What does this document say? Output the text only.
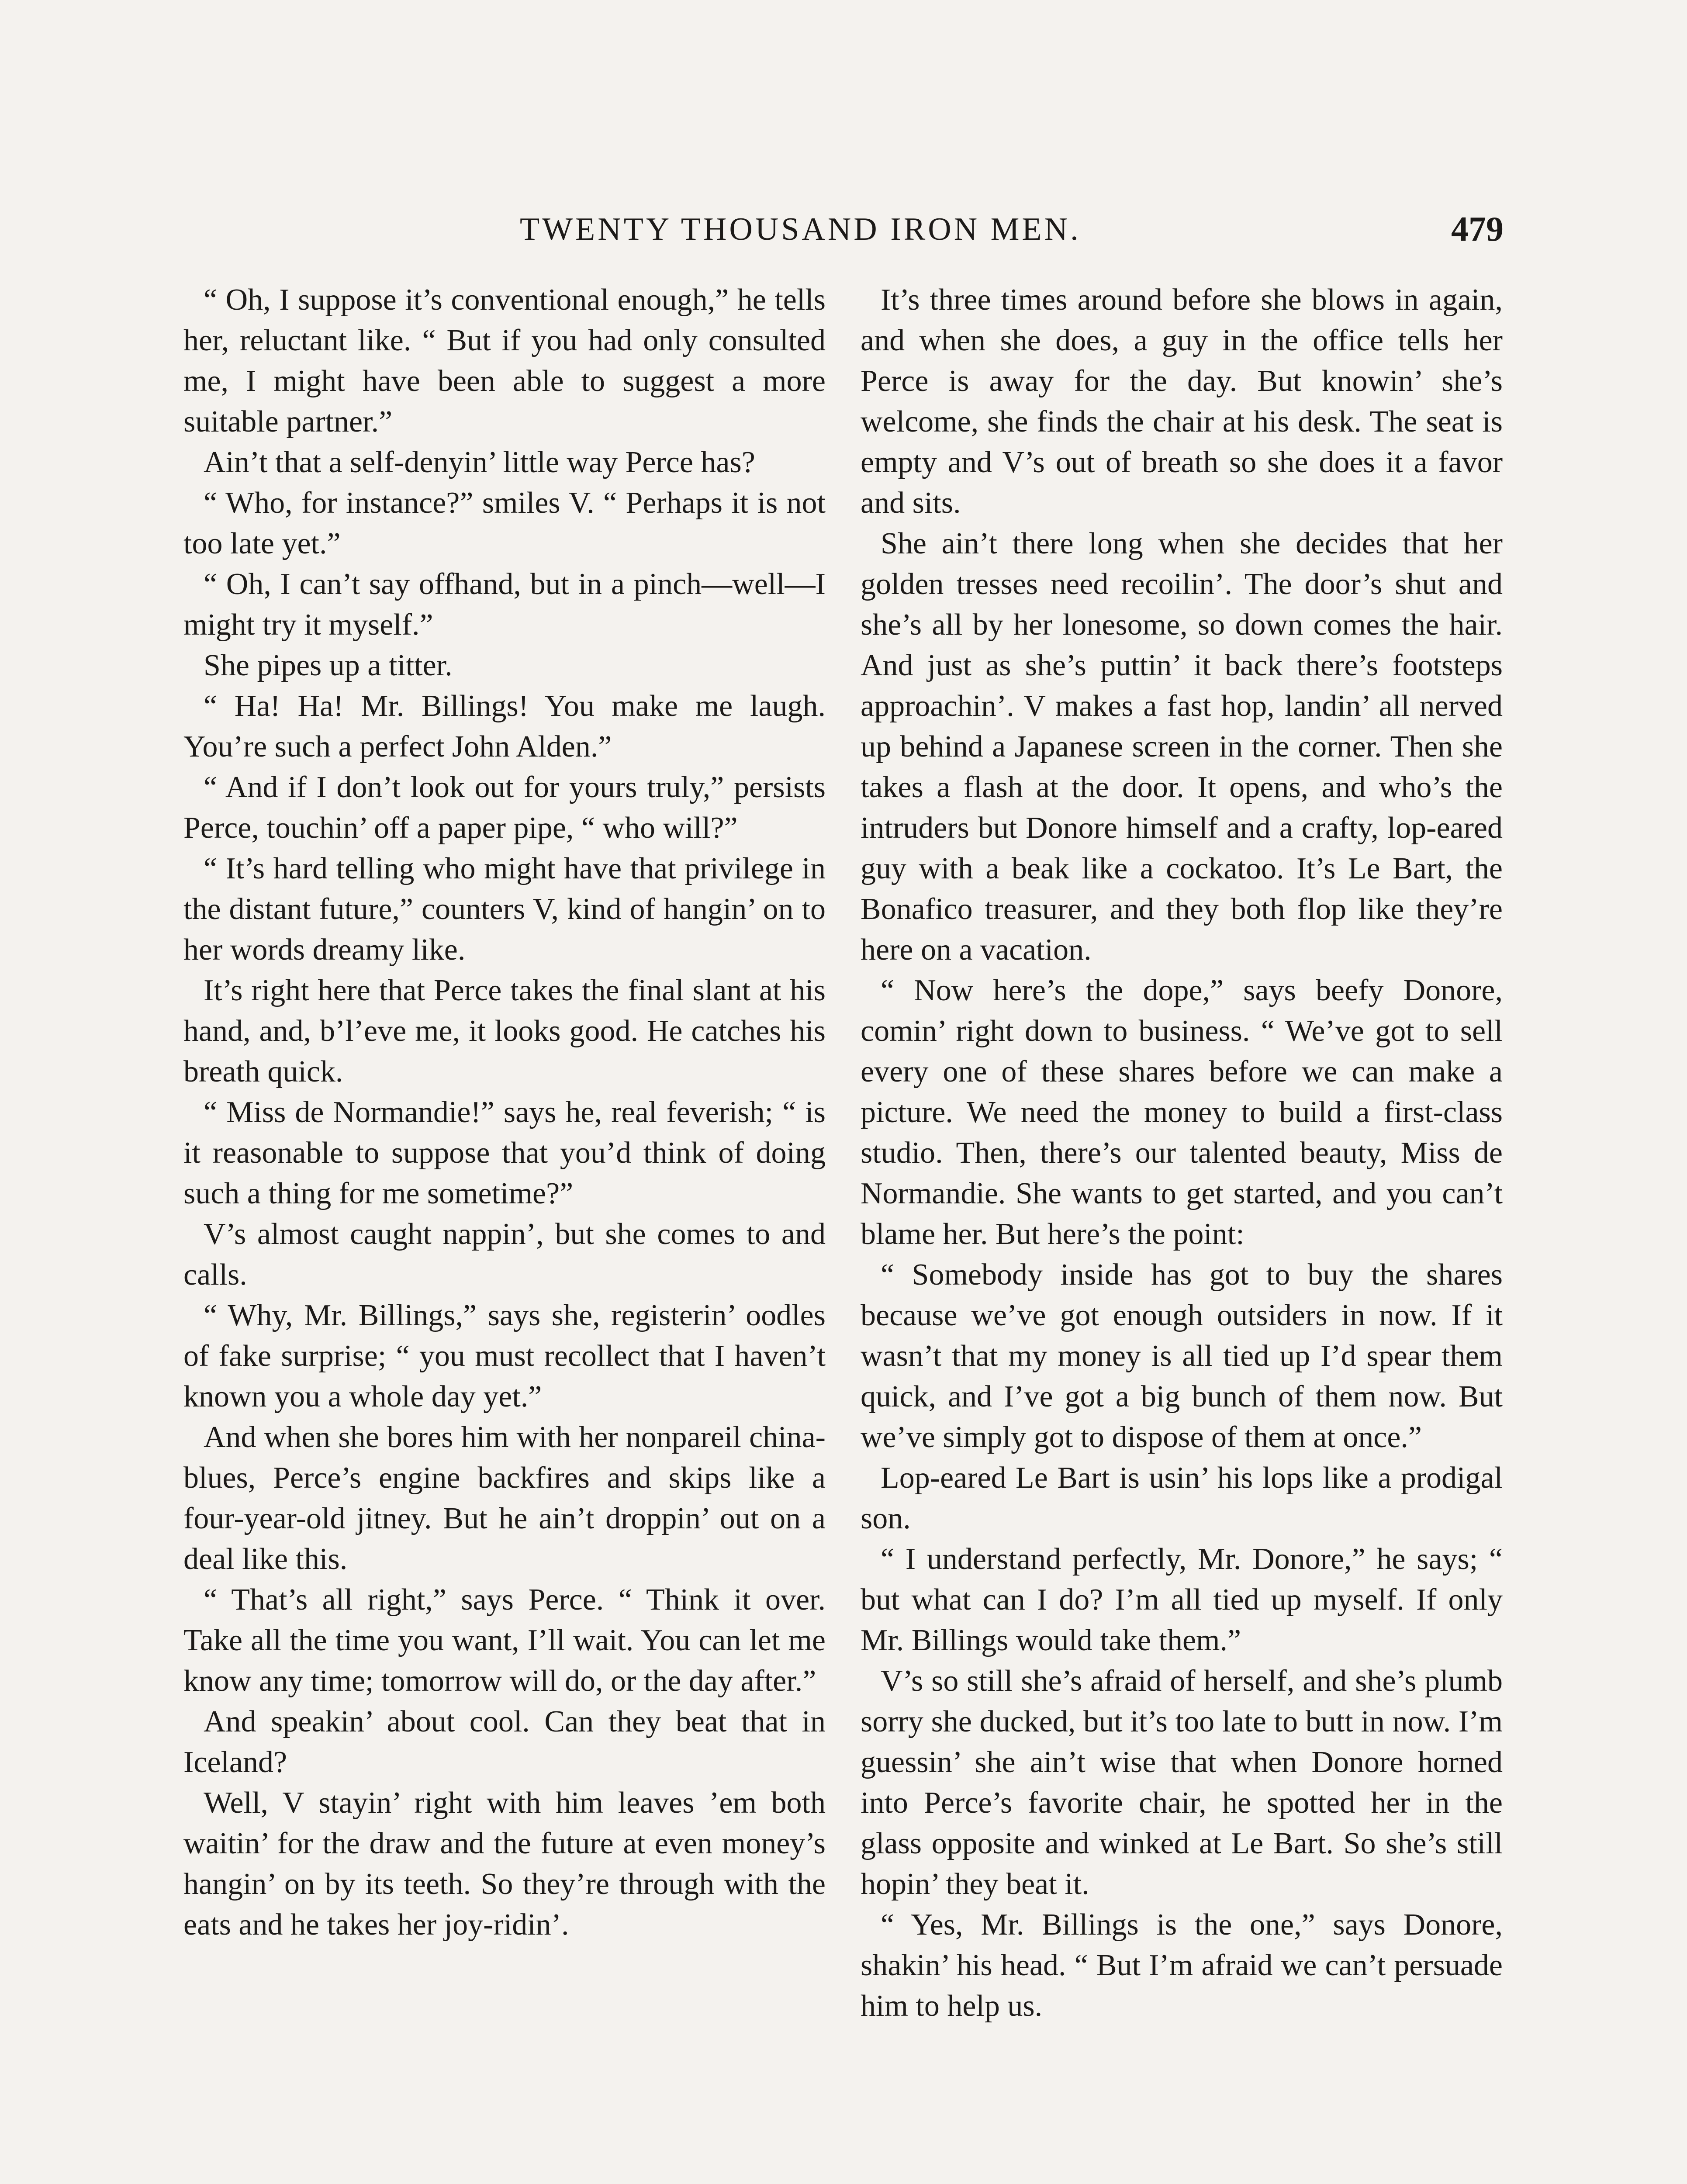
TWENTY THOUSAND IRON MEN.	479

“ Oh, I suppose it’s conventional enough,” he tells her, reluctant like. “ But if you had only consulted me, I might have been able to suggest a more suitable partner.”

Ain’t that a self-denyin’ little way Perce has?

“ Who, for instance?” smiles V. “ Perhaps it is not too late yet.”

“ Oh, I can’t say offhand, but in a pinch—well—I might try it myself.”

She pipes up a titter.

“ Ha! Ha! Mr. Billings! You make me laugh. You’re such a perfect John Alden.”

“ And if I don’t look out for yours truly,” persists Perce, touchin’ off a paper pipe, “ who will?”

“ It’s hard telling who might have that privilege in the distant future,” counters V, kind of hangin’ on to her words dreamy like.

It’s right here that Perce takes the final slant at his hand, and, b’l’eve me, it looks good. He catches his breath quick.

“ Miss de Normandie!” says he, real feverish; “ is it reasonable to suppose that you’d think of doing such a thing for me sometime?”

V’s almost caught nappin’, but she comes to and calls.

“ Why, Mr. Billings,” says she, registerin’ oodles of fake surprise; “ you must recollect that I haven’t known you a whole day yet.”

And when she bores him with her nonpareil china-blues, Perce’s engine backfires and skips like a four-year-old jitney. But he ain’t droppin’ out on a deal like this.

“ That’s all right,” says Perce. “ Think it over. Take all the time you want, I’ll wait. You can let me know any time; tomorrow will do, or the day after.”

And speakin’ about cool. Can they beat that in Iceland?

Well, V stayin’ right with him leaves ’em both waitin’ for the draw and the future at even money’s hangin’ on by its teeth. So they’re through with the eats and he takes her joy-ridin’.

It’s three times around before she blows in again, and when she does, a guy in the office tells her Perce is away for the day. But knowin’ she’s welcome, she finds the chair at his desk. The seat is empty and V’s out of breath so she does it a favor and sits.

She ain’t there long when she decides that her golden tresses need recoilin’. The door’s shut and she’s all by her lonesome, so down comes the hair. And just as she’s puttin’ it back there’s footsteps approachin’. V makes a fast hop, landin’ all nerved up behind a Japanese screen in the corner. Then she takes a flash at the door. It opens, and who’s the intruders but Donore himself and a crafty, lop-eared guy with a beak like a cockatoo. It’s Le Bart, the Bonafico treasurer, and they both flop like they’re here on a vacation.

“ Now here’s the dope,” says beefy Donore, comin’ right down to business. “ We’ve got to sell every one of these shares before we can make a picture. We need the money to build a first-class studio. Then, there’s our talented beauty, Miss de Normandie. She wants to get started, and you can’t blame her. But here’s the point:

“ Somebody inside has got to buy the shares because we’ve got enough outsiders in now. If it wasn’t that my money is all tied up I’d spear them quick, and I’ve got a big bunch of them now. But we’ve simply got to dispose of them at once.”

Lop-eared Le Bart is usin’ his lops like a prodigal son.

“ I understand perfectly, Mr. Donore,” he says; “ but what can I do? I’m all tied up myself. If only Mr. Billings would take them.”

V’s so still she’s afraid of herself, and she’s plumb sorry she ducked, but it’s too late to butt in now. I’m guessin’ she ain’t wise that when Donore horned into Perce’s favorite chair, he spotted her in the glass opposite and winked at Le Bart. So she’s still hopin’ they beat it.

“ Yes, Mr. Billings is the one,” says Donore, shakin’ his head. “ But I’m afraid we can’t persuade him to help us.
